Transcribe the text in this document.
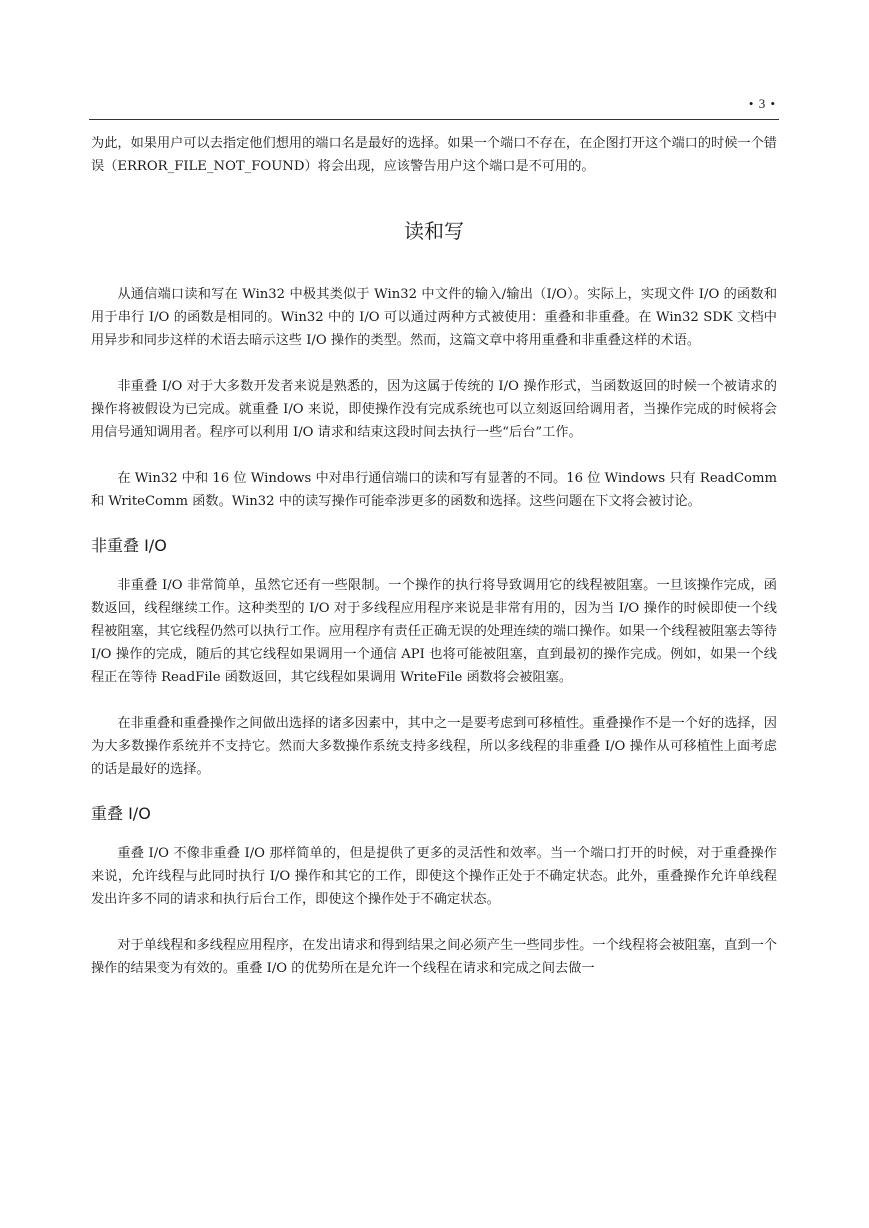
• 3 •

为此，如果用户可以去指定他们想用的端口名是最好的选择。如果一个端口不存在，在企图打开这个端口的时候一个错误（ERROR_FILE_NOT_FOUND）将会出现，应该警告用户这个端口是不可用的。

读和写

从通信端口读和写在 Win32 中极其类似于 Win32 中文件的输入/输出（I/O）。实际上，实现文件 I/O 的函数和用于串行 I/O 的函数是相同的。Win32 中的 I/O 可以通过两种方式被使用：重叠和非重叠。在 Win32 SDK 文档中用异步和同步这样的术语去暗示这些 I/O 操作的类型。然而，这篇文章中将用重叠和非重叠这样的术语。

非重叠 I/O 对于大多数开发者来说是熟悉的，因为这属于传统的 I/O 操作形式，当函数返回的时候一个被请求的操作将被假设为已完成。就重叠 I/O 来说，即使操作没有完成系统也可以立刻返回给调用者，当操作完成的时候将会用信号通知调用者。程序可以利用 I/O 请求和结束这段时间去执行一些“后台”工作。

在 Win32 中和 16 位 Windows 中对串行通信端口的读和写有显著的不同。16 位 Windows 只有 ReadComm 和 WriteComm 函数。Win32 中的读写操作可能牵涉更多的函数和选择。这些问题在下文将会被讨论。

非重叠 I/O

非重叠 I/O 非常简单，虽然它还有一些限制。一个操作的执行将导致调用它的线程被阻塞。一旦该操作完成，函数返回，线程继续工作。这种类型的 I/O 对于多线程应用程序来说是非常有用的，因为当 I/O 操作的时候即使一个线程被阻塞，其它线程仍然可以执行工作。应用程序有责任正确无误的处理连续的端口操作。如果一个线程被阻塞去等待 I/O 操作的完成，随后的其它线程如果调用一个通信 API 也将可能被阻塞，直到最初的操作完成。例如，如果一个线程正在等待 ReadFile 函数返回，其它线程如果调用 WriteFile 函数将会被阻塞。

在非重叠和重叠操作之间做出选择的诸多因素中，其中之一是要考虑到可移植性。重叠操作不是一个好的选择，因为大多数操作系统并不支持它。然而大多数操作系统支持多线程，所以多线程的非重叠 I/O 操作从可移植性上面考虑的话是最好的选择。

重叠 I/O

重叠 I/O 不像非重叠 I/O 那样简单的，但是提供了更多的灵活性和效率。当一个端口打开的时候，对于重叠操作来说，允许线程与此同时执行 I/O 操作和其它的工作，即使这个操作正处于不确定状态。此外，重叠操作允许单线程发出许多不同的请求和执行后台工作，即使这个操作处于不确定状态。

对于单线程和多线程应用程序，在发出请求和得到结果之间必须产生一些同步性。一个线程将会被阻塞，直到一个操作的结果变为有效的。重叠 I/O 的优势所在是允许一个线程在请求和完成之间去做一
